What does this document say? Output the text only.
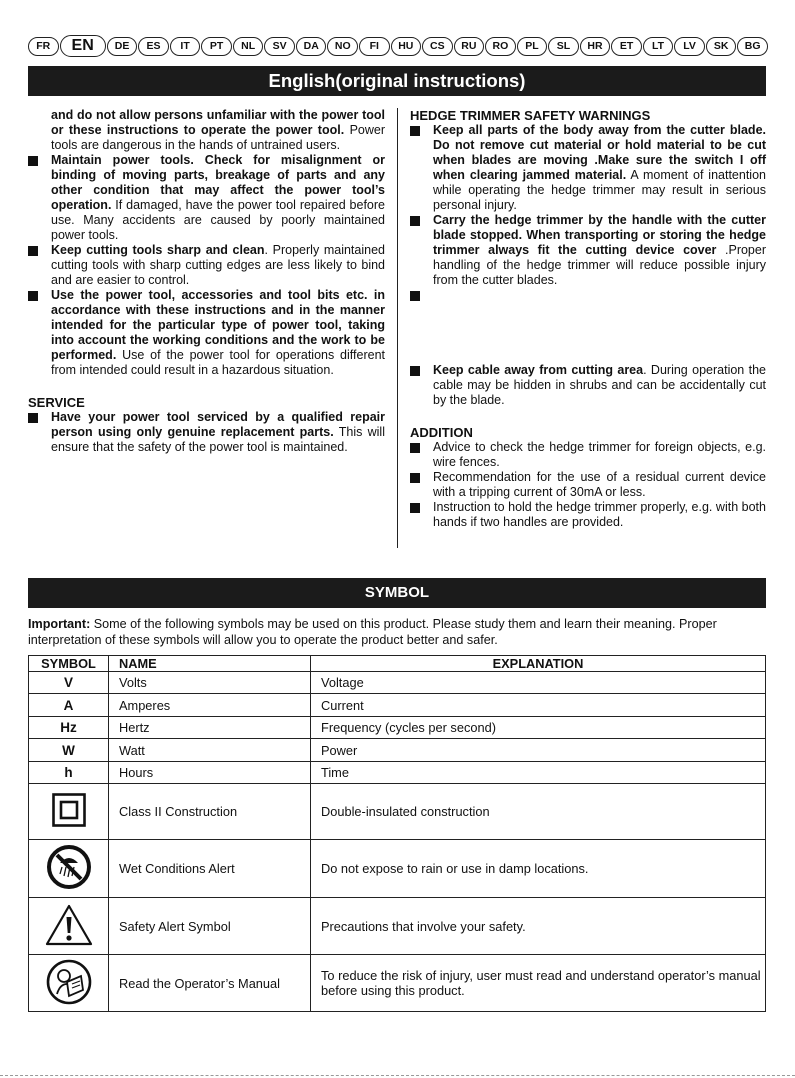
FR	EN	DE	ES	IT	PT	NL	SV	DA	NO	FI	HU	CS	RU	RO	PL	SL	HR	ET	LT	LV	SK	BG
English(original instructions)
and do not allow persons unfamiliar with the power tool or these instructions to operate the power tool. Power tools are dangerous in the hands of untrained users.
Maintain power tools. Check for misalignment or binding of moving parts, breakage of parts and any other condition that may affect the power tool’s operation. If damaged, have the power tool repaired before use. Many accidents are caused by poorly maintained power tools.
Keep cutting tools sharp and clean. Properly maintained cutting tools with sharp cutting edges are less likely to bind and are easier to control.
Use the power tool, accessories and tool bits etc. in accordance with these instructions and in the manner intended for the particular type of power tool, taking into account the working conditions and the work to be performed. Use of the power tool for operations different from intended could result in a hazardous situation.
SERVICE
Have your power tool serviced by a qualified repair person using only genuine replacement parts. This will ensure that the safety of the power tool is maintained.
HEDGE TRIMMER SAFETY WARNINGS
Keep all parts of the body away from the cutter blade. Do not remove cut material or hold material to be cut when blades are moving .Make sure the switch I off when clearing jammed material. A moment of inattention while operating the hedge trimmer may result in serious personal injury.
Carry the hedge trimmer by the handle with the cutter blade stopped. When transporting or storing the hedge trimmer always fit the cutting device cover .Proper handling of the hedge trimmer will reduce possible injury from the cutter blades.

Keep cable away from cutting area. During operation the cable may be hidden in shrubs and can be accidentally cut by the blade.
ADDITION
Advice to check the hedge trimmer for foreign objects, e.g. wire fences.
Recommendation for the use of a residual current device with a tripping current of 30mA or less.
Instruction to hold the hedge trimmer properly, e.g. with both hands if two handles are provided.
SYMBOL
Important: Some of the following symbols may be used on this product. Please study them and learn their meaning. Proper interpretation of these symbols will allow you to operate the product better and safer.
SYMBOL	NAME	EXPLANATION
V	Volts	Voltage
A	Amperes	Current
Hz	Hertz	Frequency (cycles per second)
W	Watt	Power
h	Hours	Time
	Class II Construction	Double-insulated construction
	Wet Conditions Alert	Do not expose to rain or use in damp locations.
	Safety Alert Symbol	Precautions that involve your safety.
	Read the Operator’s Manual	To reduce the risk of injury, user must read and understand operator’s manual before using this product.
